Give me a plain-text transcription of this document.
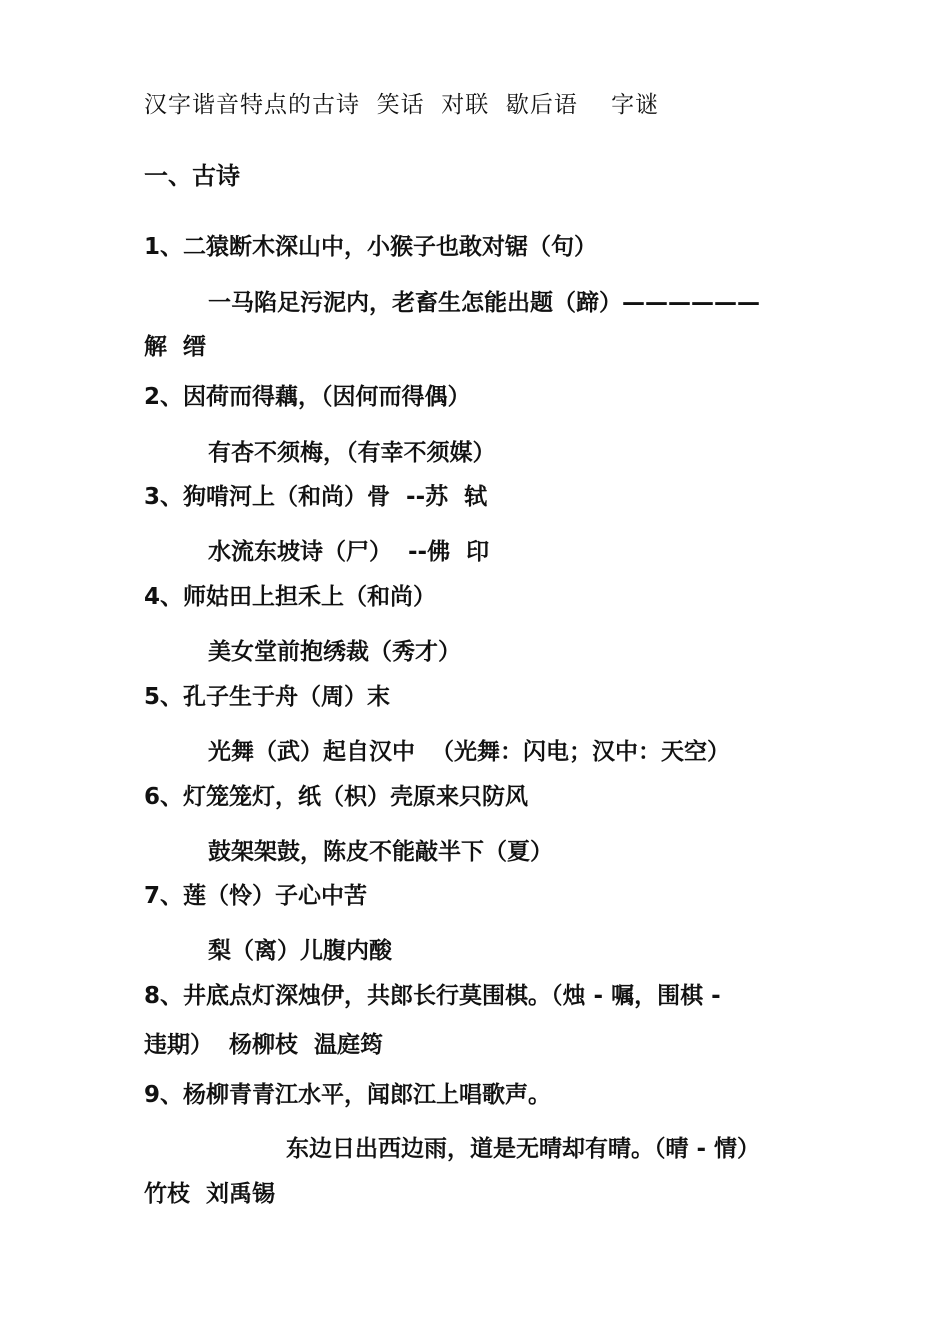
汉字谐音特点的古诗  笑话  对联  歇后语    字谜
一、古诗
1、二猿断木深山中，小猴子也敢对锯（句）
一马陷足污泥内，老畜生怎能出题（蹄）——————
解  缙
2、因荷而得藕，（因何而得偶）
有杏不须梅，（有幸不须媒）
3、狗啃河上（和尚）骨  --苏  轼
水流东坡诗（尸）  --佛  印
4、师姑田上担禾上（和尚）
美女堂前抱绣裁（秀才）
5、孔子生于舟（周）末
光舞（武）起自汉中  （光舞：闪电；汉中：天空）
6、灯笼笼灯，纸（枳）壳原来只防风
鼓架架鼓，陈皮不能敲半下（夏）
7、莲（怜）子心中苦
梨（离）儿腹内酸
8、井底点灯深烛伊，共郎长行莫围棋。（烛 - 嘱，围棋 -
违期）  杨柳枝  温庭筠
9、杨柳青青江水平，闻郎江上唱歌声。
东边日出西边雨，道是无晴却有晴。（晴 - 情）
竹枝  刘禹锡
